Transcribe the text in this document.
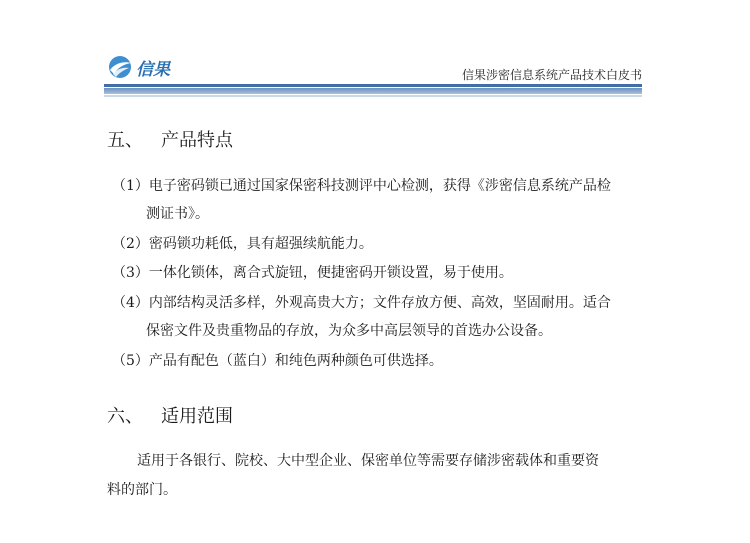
信果	信果涉密信息系统产品技术白皮书
五、 产品特点
（1）电子密码锁已通过国家保密科技测评中心检测，获得《涉密信息系统产品检
测证书》。
（2）密码锁功耗低，具有超强续航能力。
（3）一体化锁体，离合式旋钮，便捷密码开锁设置，易于使用。
（4）内部结构灵活多样，外观高贵大方；文件存放方便、高效，坚固耐用。适合
保密文件及贵重物品的存放，为众多中高层领导的首选办公设备。
（5）产品有配色（蓝白）和纯色两种颜色可供选择。
六、 适用范围
适用于各银行、院校、大中型企业、保密单位等需要存储涉密载体和重要资
料的部门。
